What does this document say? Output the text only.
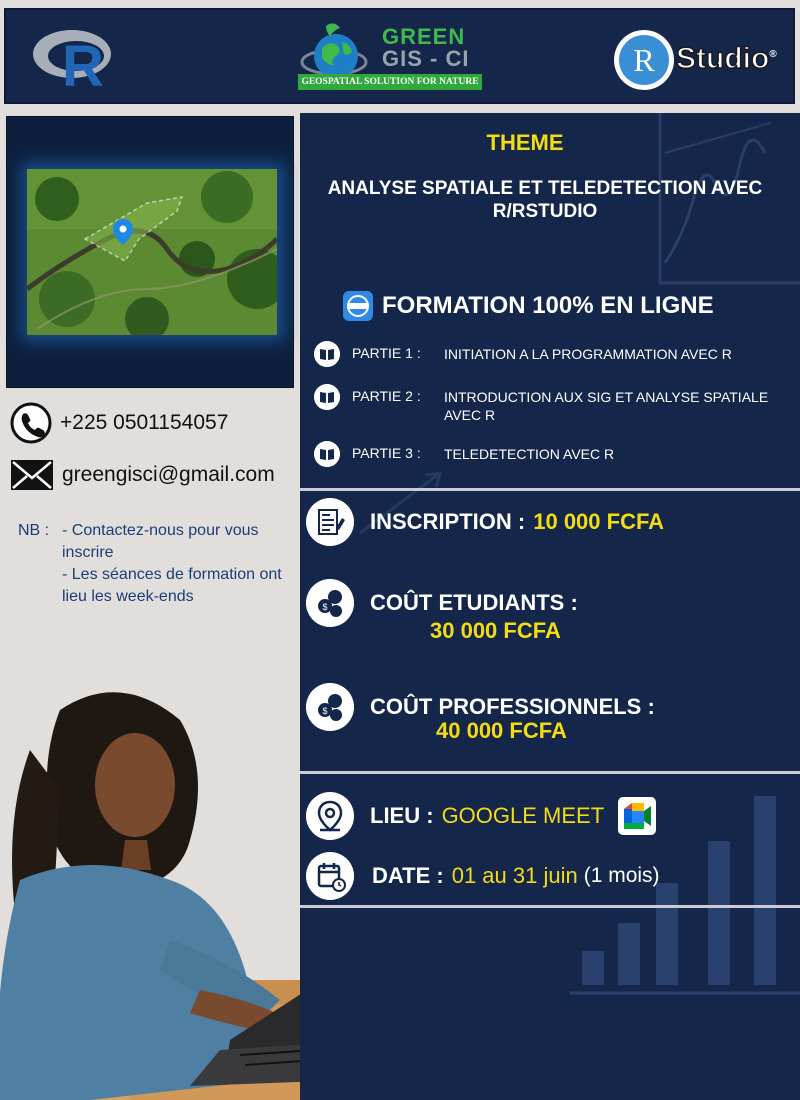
R	GREEN
GIS - CI
GEOSPATIAL SOLUTION FOR NATURE
R Studio®
+225 0501154057
greengisci@gmail.com
NB : - Contactez-nous pour vous inscrire
- Les séances de formation ont lieu les week-ends
THEME
ANALYSE SPATIALE ET TELEDETECTION AVEC R/RSTUDIO
FORMATION 100% EN LIGNE
PARTIE 1 :	INITIATION A LA PROGRAMMATION AVEC R
PARTIE 2 :	INTRODUCTION AUX SIG ET ANALYSE SPATIALE AVEC R
PARTIE 3 :	TELEDETECTION AVEC R
INSCRIPTION : 10 000 FCFA
$ COÛT ETUDIANTS :
30 000 FCFA
$ COÛT PROFESSIONNELS :
40 000 FCFA
LIEU : GOOGLE MEET
DATE : 01 au 31 juin (1 mois)
